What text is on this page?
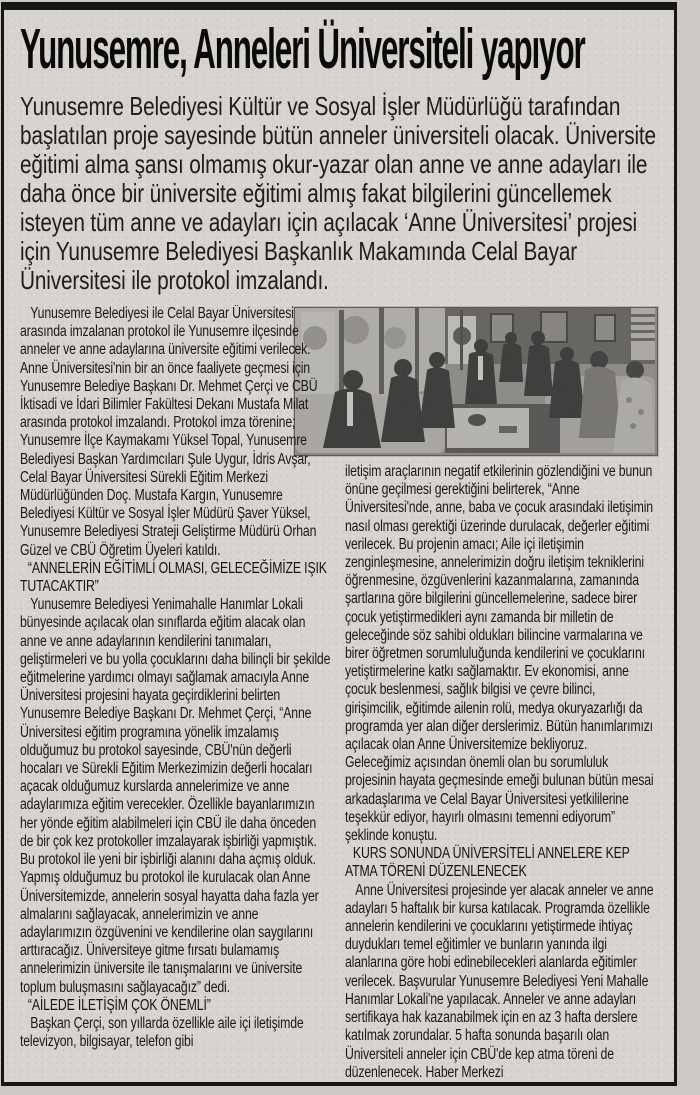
Yunusemre, Anneleri Üniversiteli yapıyor
Yunusemre Belediyesi Kültür ve Sosyal İşler Müdürlüğü tarafından başlatılan proje sayesinde bütün anneler üniversiteli olacak. Üniversite eğitimi alma şansı olmamış okur-yazar olan anne ve anne adayları ile daha önce bir üniversite eğitimi almış fakat bilgilerini güncellemek isteyen tüm anne ve adayları için açılacak ‘Anne Üniversitesi’ projesi için Yunusemre Belediyesi Başkanlık Makamında Celal Bayar Üniversitesi ile protokol imzalandı.

Yunusemre Belediyesi ile Celal Bayar Üniversitesi arasında imzalanan protokol ile Yunusemre ilçesinde anneler ve anne adaylarına üniversite eğitimi verilecek. Anne Üniversitesi'nin bir an önce faaliyete geçmesi için Yunusemre Belediye Başkanı Dr. Mehmet Çerçi ve CBÜ İktisadi ve İdari Bilimler Fakültesi Dekanı Mustafa Milat arasında protokol imzalandı. Protokol imza törenine; Yunusemre İlçe Kaymakamı Yüksel Topal, Yunusemre Belediyesi Başkan Yardımcıları Şule Uygur, İdris Avşar, Celal Bayar Üniversitesi Sürekli Eğitim Merkezi Müdürlüğünden Doç. Mustafa Kargın, Yunusemre Belediyesi Kültür ve Sosyal İşler Müdürü Şaver Yüksel, Yunusemre Belediyesi Strateji Geliştirme Müdürü Orhan Güzel ve CBÜ Öğretim Üyeleri katıldı.

“ANNELERİN EĞİTİMLİ OLMASI, GELECEĞİMİZE IŞIK TUTACAKTIR”

Yunusemre Belediyesi Yenimahalle Hanımlar Lokali bünyesinde açılacak olan sınıflarda eğitim alacak olan anne ve anne adaylarının kendilerini tanımaları, geliştirmeleri ve bu yolla çocuklarını daha bilinçli bir şekilde eğitmelerine yardımcı olmayı sağlamak amacıyla Anne Üniversitesi projesini hayata geçirdiklerini belirten Yunusemre Belediye Başkanı Dr. Mehmet Çerçi, “Anne Üniversitesi eğitim programına yönelik imzalamış olduğumuz bu protokol sayesinde, CBÜ'nün değerli hocaları ve Sürekli Eğitim Merkezimizin değerli hocaları açacak olduğumuz kurslarda annelerimize ve anne adaylarımıza eğitim verecekler. Özellikle bayanlarımızın her yönde eğitim alabilmeleri için CBÜ ile daha önceden de bir çok kez protokoller imzalayarak işbirliği yapmıştık. Bu protokol ile yeni bir işbirliği alanını daha açmış olduk. Yapmış olduğumuz bu protokol ile kurulacak olan Anne Üniversitemizde, annelerin sosyal hayatta daha fazla yer almalarını sağlayacak, annelerimizin ve anne adaylarımızın özgüvenini ve kendilerine olan saygılarını arttıracağız. Üniversiteye gitme fırsatı bulamamış annelerimizin üniversite ile tanışmalarını ve üniversite toplum buluşmasını sağlayacağız” dedi.

“AİLEDE İLETİŞİM ÇOK ÖNEMLİ”

Başkan Çerçi, son yıllarda özellikle aile içi iletişimde televizyon, bilgisayar, telefon gibi

iletişim araçlarının negatif etkilerinin gözlendiğini ve bunun önüne geçilmesi gerektiğini belirterek, “Anne Üniversitesi'nde, anne, baba ve çocuk arasındaki iletişimin nasıl olması gerektiği üzerinde durulacak, değerler eğitimi verilecek. Bu projenin amacı; Aile içi iletişimin zenginleşmesine, annelerimizin doğru iletişim tekniklerini öğrenmesine, özgüvenlerini kazanmalarına, zamanında şartlarına göre bilgilerini güncellemelerine, sadece birer çocuk yetiştirmedikleri aynı zamanda bir milletin de geleceğinde söz sahibi oldukları bilincine varmalarına ve birer öğretmen sorumluluğunda kendilerini ve çocuklarını yetiştirmelerine katkı sağlamaktır. Ev ekonomisi, anne çocuk beslenmesi, sağlık bilgisi ve çevre bilinci, girişimcilik, eğitimde ailenin rolü, medya okuryazarlığı da programda yer alan diğer derslerimiz. Bütün hanımlarımızı açılacak olan Anne Üniversitemize bekliyoruz. Geleceğimiz açısından önemli olan bu sorumluluk projesinin hayata geçmesinde emeği bulunan bütün mesai arkadaşlarıma ve Celal Bayar Üniversitesi yetkililerine teşekkür ediyor, hayırlı olmasını temenni ediyorum” şeklinde konuştu.

KURS SONUNDA ÜNİVERSİTELİ ANNELERE KEP ATMA TÖRENİ DÜZENLENECEK

Anne Üniversitesi projesinde yer alacak anneler ve anne adayları 5 haftalık bir kursa katılacak. Programda özellikle annelerin kendilerini ve çocuklarını yetiştirmede ihtiyaç duydukları temel eğitimler ve bunların yanında ilgi alanlarına göre hobi edinebilecekleri alanlarda eğitimler verilecek. Başvurular Yunusemre Belediyesi Yeni Mahalle Hanımlar Lokali'ne yapılacak. Anneler ve anne adayları sertifikaya hak kazanabilmek için en az 3 hafta derslere katılmak zorundalar. 5 hafta sonunda başarılı olan Üniversiteli anneler için CBÜ'de kep atma töreni de düzenlenecek. Haber Merkezi
